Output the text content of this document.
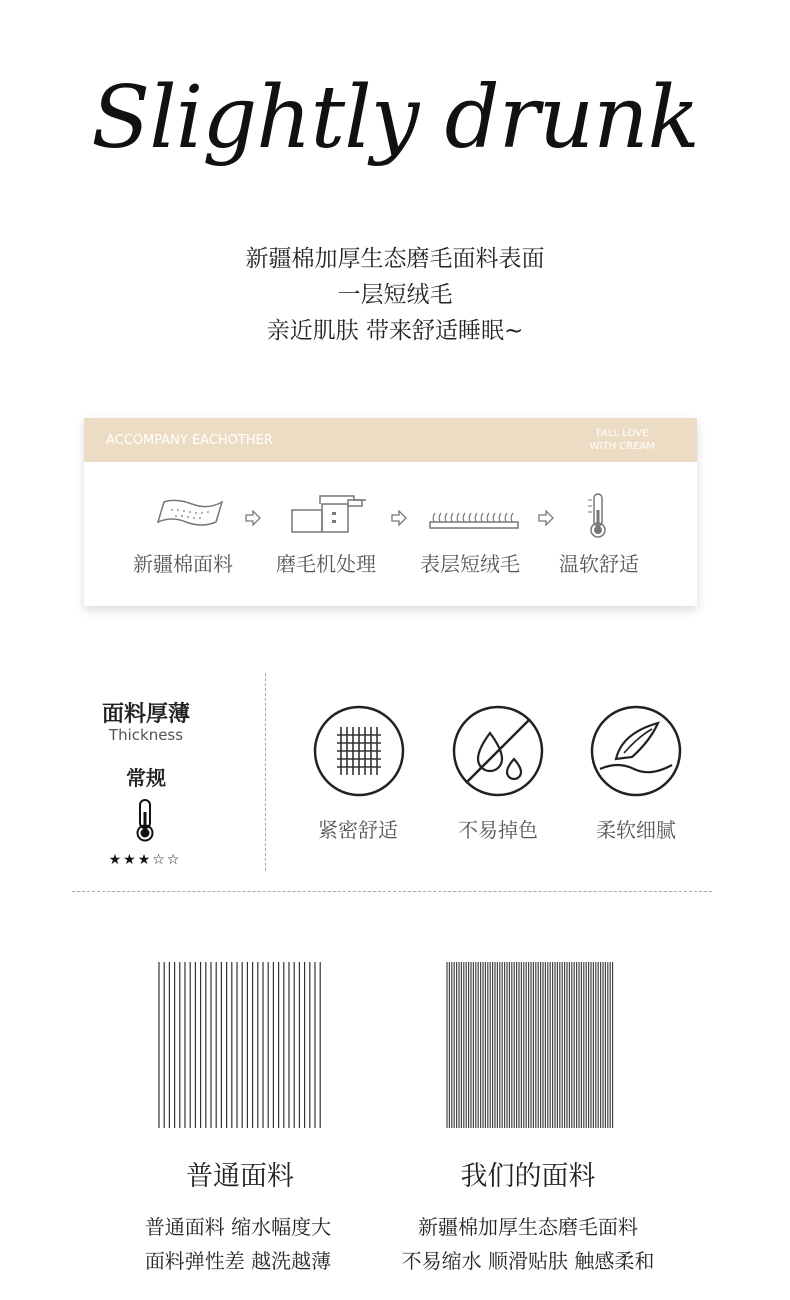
Slightly drunk
新疆棉加厚生态磨毛面料表面
一层短绒毛
亲近肌肤 带来舒适睡眠~
ACCOMPANY EACHOTHER	FALL LOVE
WITH CREAM
新疆棉面料 磨毛机处理 表层短绒毛 温软舒适
面料厚薄
Thickness
常规
★★★☆☆
紧密舒适	不易掉色	柔软细腻
普通面料	我们的面料
普通面料 缩水幅度大
面料弹性差 越洗越薄
新疆棉加厚生态磨毛面料
不易缩水 顺滑贴肤 触感柔和
